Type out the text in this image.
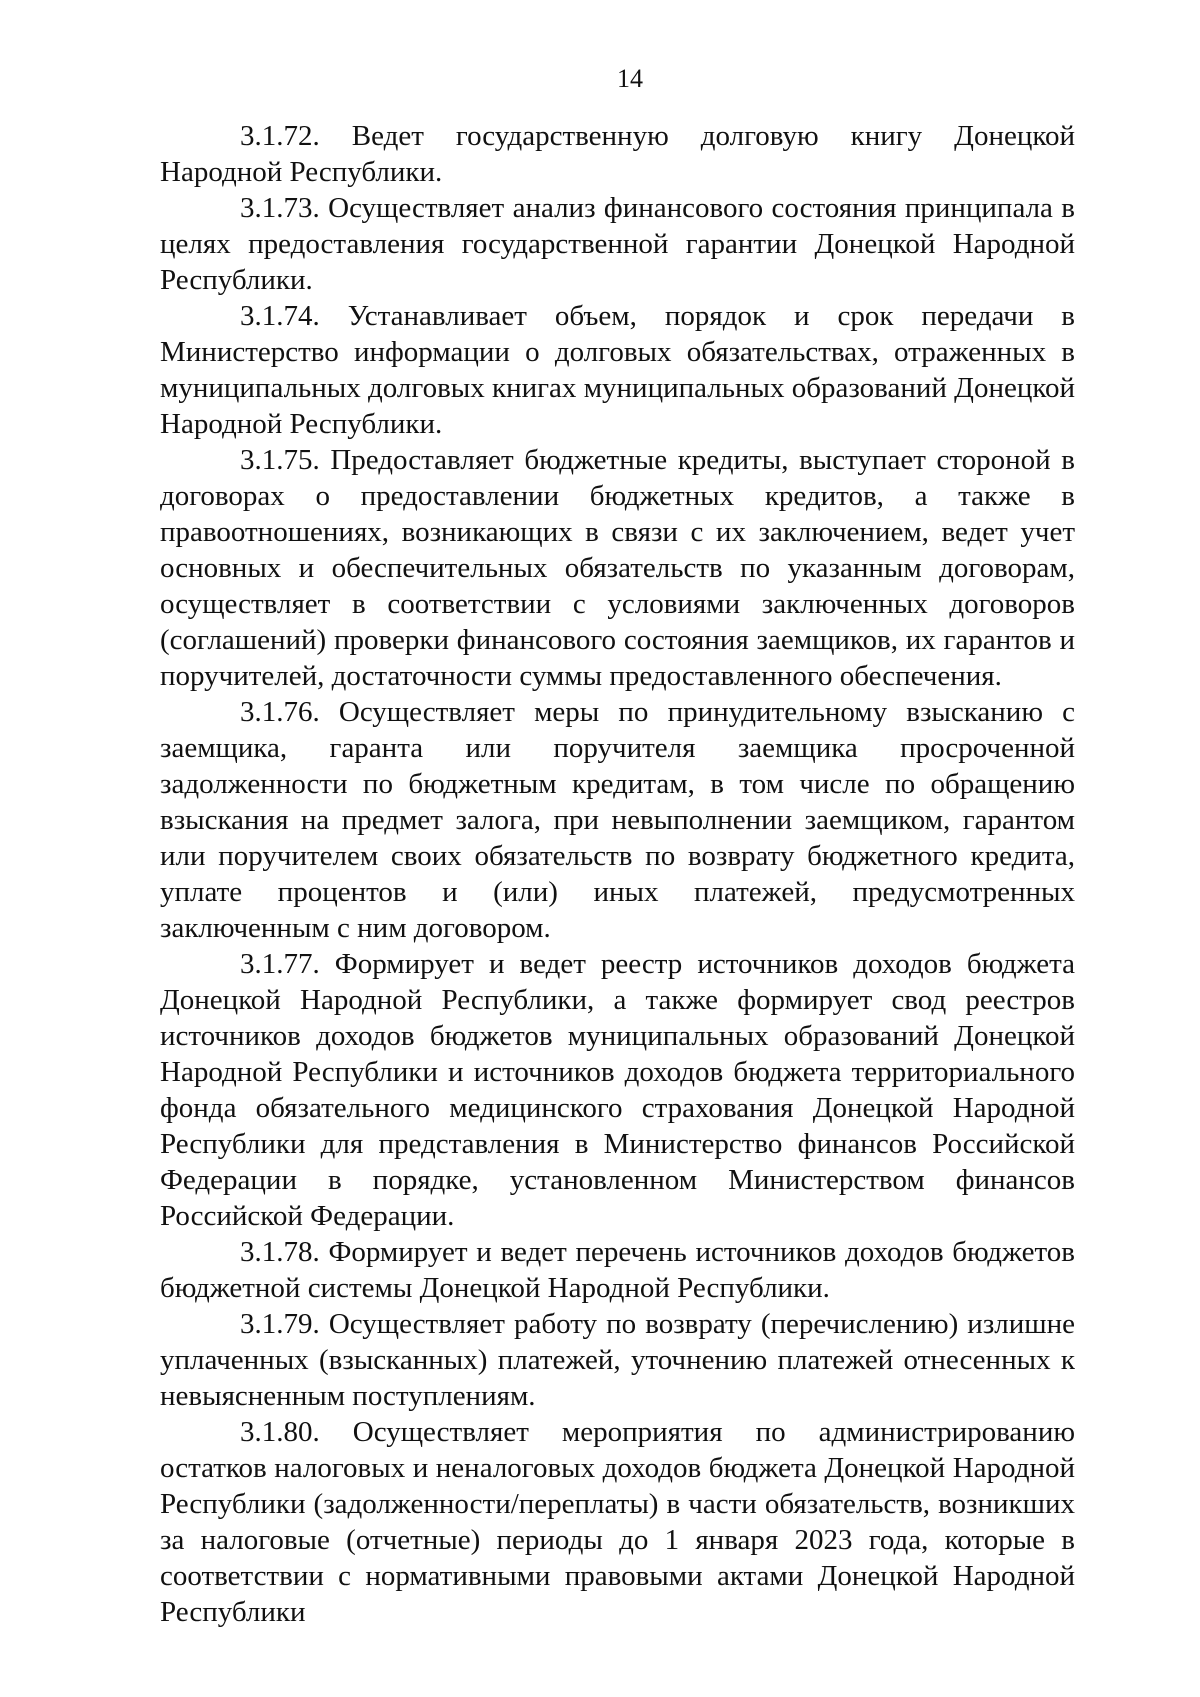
14

3.1.72. Ведет государственную долговую книгу Донецкой Народной Республики.

3.1.73. Осуществляет анализ финансового состояния принципала в целях предоставления государственной гарантии Донецкой Народной Республики.

3.1.74. Устанавливает объем, порядок и срок передачи в Министерство информации о долговых обязательствах, отраженных в муниципальных долговых книгах муниципальных образований Донецкой Народной Республики.

3.1.75. Предоставляет бюджетные кредиты, выступает стороной в договорах о предоставлении бюджетных кредитов, а также в правоотношениях, возникающих в связи с их заключением, ведет учет основных и обеспечительных обязательств по указанным договорам, осуществляет в соответствии с условиями заключенных договоров (соглашений) проверки финансового состояния заемщиков, их гарантов и поручителей, достаточности суммы предоставленного обеспечения.

3.1.76. Осуществляет меры по принудительному взысканию с заемщика, гаранта или поручителя заемщика просроченной задолженности по бюджетным кредитам, в том числе по обращению взыскания на предмет залога, при невыполнении заемщиком, гарантом или поручителем своих обязательств по возврату бюджетного кредита, уплате процентов и (или) иных платежей, предусмотренных заключенным с ним договором.

3.1.77. Формирует и ведет реестр источников доходов бюджета Донецкой Народной Республики, а также формирует свод реестров источников доходов бюджетов муниципальных образований Донецкой Народной Республики и источников доходов бюджета территориального фонда обязательного медицинского страхования Донецкой Народной Республики для представления в Министерство финансов Российской Федерации в порядке, установленном Министерством финансов Российской Федерации.

3.1.78. Формирует и ведет перечень источников доходов бюджетов бюджетной системы Донецкой Народной Республики.

3.1.79. Осуществляет работу по возврату (перечислению) излишне уплаченных (взысканных) платежей, уточнению платежей отнесенных к невыясненным поступлениям.

3.1.80. Осуществляет мероприятия по администрированию остатков налоговых и неналоговых доходов бюджета Донецкой Народной Республики (задолженности/переплаты) в части обязательств, возникших за налоговые (отчетные) периоды до 1 января 2023 года, которые в соответствии с нормативными правовыми актами Донецкой Народной Республики
